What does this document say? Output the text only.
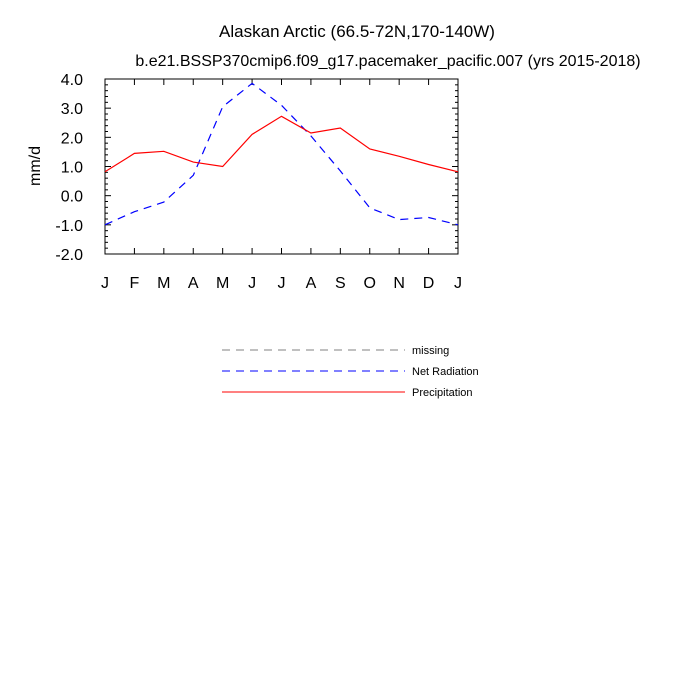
Alaskan Arctic (66.5-72N,170-140W)
b.e21.BSSP370cmip6.f09_g17.pacemaker_pacific.007 (yrs 2015-2018)
mm/d
4.0
3.0
2.0
1.0
0.0
-1.0
-2.0
J F M A M J J A S O N D J
missing
Net Radiation
Precipitation
